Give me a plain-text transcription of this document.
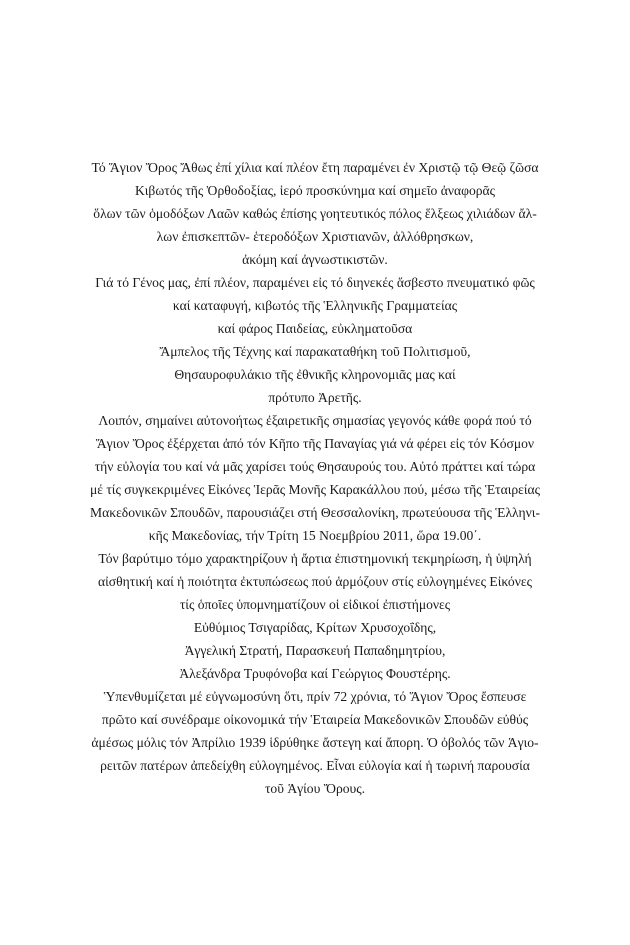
Τό Ἅγιον Ὄρος Ἄθως ἐπί χίλια καί πλέον ἔτη παραμένει ἐν Χριστῷ τῷ Θεῷ ζῶσα
Κιβωτός τῆς Ὀρθοδοξίας, ἱερό προσκύνημα καί σημεῖο ἀναφορᾶς
ὅλων τῶν ὁμοδόξων Λαῶν καθώς ἐπίσης γοητευτικός πόλος ἕλξεως χιλιάδων ἄλ-
λων ἐπισκεπτῶν- ἑτεροδόξων Χριστιανῶν, ἀλλόθρησκων,
ἀκόμη καί ἀγνωστικιστῶν.
Γιά τό Γένος μας, ἐπί πλέον, παραμένει εἰς τό διηνεκές ἄσβεστο πνευματικό φῶς
καί καταφυγή, κιβωτός τῆς Ἑλληνικῆς Γραμματείας
καί φάρος Παιδείας, εὐκληματοῦσα
Ἄμπελος τῆς Τέχνης καί παρακαταθήκη τοῦ Πολιτισμοῦ,
Θησαυροφυλάκιο τῆς ἐθνικῆς κληρονομιᾶς μας καί
πρότυπο Ἀρετῆς.
Λοιπόν, σημαίνει αὐτονοήτως ἐξαιρετικῆς σημασίας γεγονός κάθε φορά πού τό
Ἅγιον Ὄρος ἐξέρχεται ἀπό τόν Κῆπο τῆς Παναγίας γιά νά φέρει εἰς τόν Κόσμον
τήν εὐλογία του καί νά μᾶς χαρίσει τούς Θησαυρούς του. Αὐτό πράττει καί τώρα
μέ τίς συγκεκριμένες Εἰκόνες Ἱερᾶς Μονῆς Καρακάλλου πού, μέσω τῆς Ἑταιρείας
Μακεδονικῶν Σπουδῶν, παρουσιάζει στή Θεσσαλονίκη, πρωτεύουσα τῆς Ἑλληνι-
κῆς Μακεδονίας, τήν Τρίτη 15 Νοεμβρίου 2011, ὥρα 19.00΄.
Τόν βαρύτιμο τόμο χαρακτηρίζουν ἡ ἄρτια ἐπιστημονική τεκμηρίωση, ἡ ὑψηλή
αἰσθητική καί ἡ ποιότητα ἐκτυπώσεως πού ἁρμόζουν στίς εὐλογημένες Εἰκόνες
τίς ὁποῖες ὑπομνηματίζουν οἱ εἰδικοί ἐπιστήμονες
Εὐθύμιος Τσιγαρίδας, Κρίτων Χρυσοχοΐδης,
Ἀγγελική Στρατή, Παρασκευή Παπαδημητρίου,
Ἀλεξάνδρα Τρυφόνοβα καί Γεώργιος Φουστέρης.
Ὑπενθυμίζεται μέ εὐγνωμοσύνη ὅτι, πρίν 72 χρόνια, τό Ἅγιον Ὄρος ἔσπευσε
πρῶτο καί συνέδραμε οἰκονομικά τήν Ἑταιρεία Μακεδονικῶν Σπουδῶν εὐθύς
ἀμέσως μόλις τόν Ἀπρίλιο 1939 ἱδρύθηκε ἄστεγη καί ἄπορη. Ὁ ὀβολός τῶν Ἁγιο-
ρειτῶν πατέρων ἀπεδείχθη εὐλογημένος. Εἶναι εὐλογία καί ἡ τωρινή παρουσία
τοῦ Ἁγίου Ὄρους.
